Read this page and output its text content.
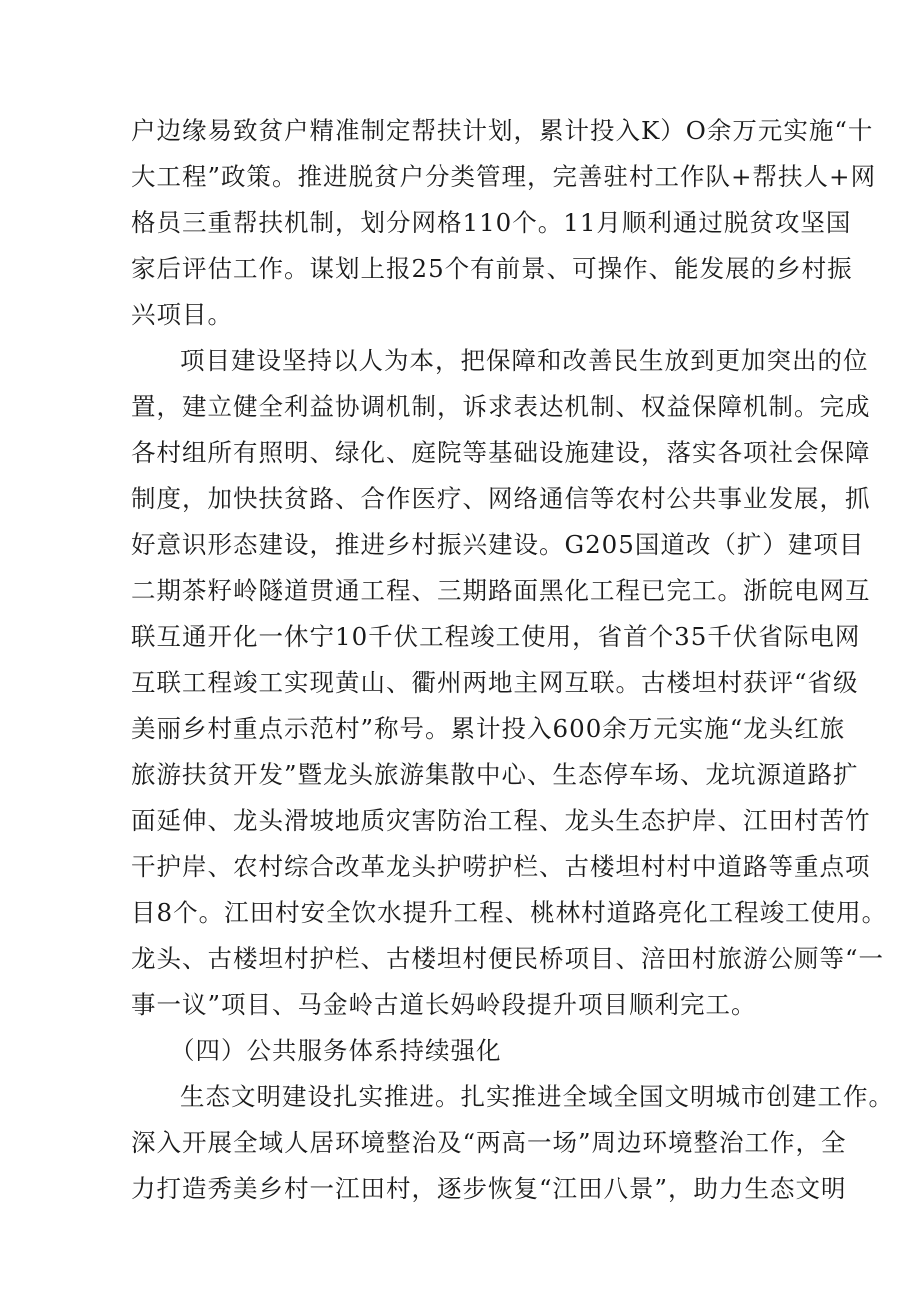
户边缘易致贫户精准制定帮扶计划，累计投入K）O余万元实施“十
大工程”政策。推进脱贫户分类管理，完善驻村工作队+帮扶人+网
格员三重帮扶机制，划分网格110个。11月顺利通过脱贫攻坚国
家后评估工作。谋划上报25个有前景、可操作、能发展的乡村振
兴项目。
项目建设坚持以人为本，把保障和改善民生放到更加突出的位
置，建立健全利益协调机制，诉求表达机制、权益保障机制。完成
各村组所有照明、绿化、庭院等基础设施建设，落实各项社会保障
制度，加快扶贫路、合作医疗、网络通信等农村公共事业发展，抓
好意识形态建设，推进乡村振兴建设。G205国道改（扩）建项目
二期茶籽岭隧道贯通工程、三期路面黑化工程已完工。浙皖电网互
联互通开化一休宁10千伏工程竣工使用，省首个35千伏省际电网
互联工程竣工实现黄山、衢州两地主网互联。古楼坦村获评“省级
美丽乡村重点示范村”称号。累计投入600余万元实施“龙头红旅
旅游扶贫开发”暨龙头旅游集散中心、生态停车场、龙坑源道路扩
面延伸、龙头滑坡地质灾害防治工程、龙头生态护岸、江田村苦竹
干护岸、农村综合改革龙头护唠护栏、古楼坦村村中道路等重点项
目8个。江田村安全饮水提升工程、桃林村道路亮化工程竣工使用。
龙头、古楼坦村护栏、古楼坦村便民桥项目、涪田村旅游公厕等“一
事一议”项目、马金岭古道长妈岭段提升项目顺利完工。
（四）公共服务体系持续强化
生态文明建设扎实推进。扎实推进全域全国文明城市创建工作。
深入开展全域人居环境整治及“两高一场”周边环境整治工作，全
力打造秀美乡村一江田村，逐步恢复“江田八景”，助力生态文明
